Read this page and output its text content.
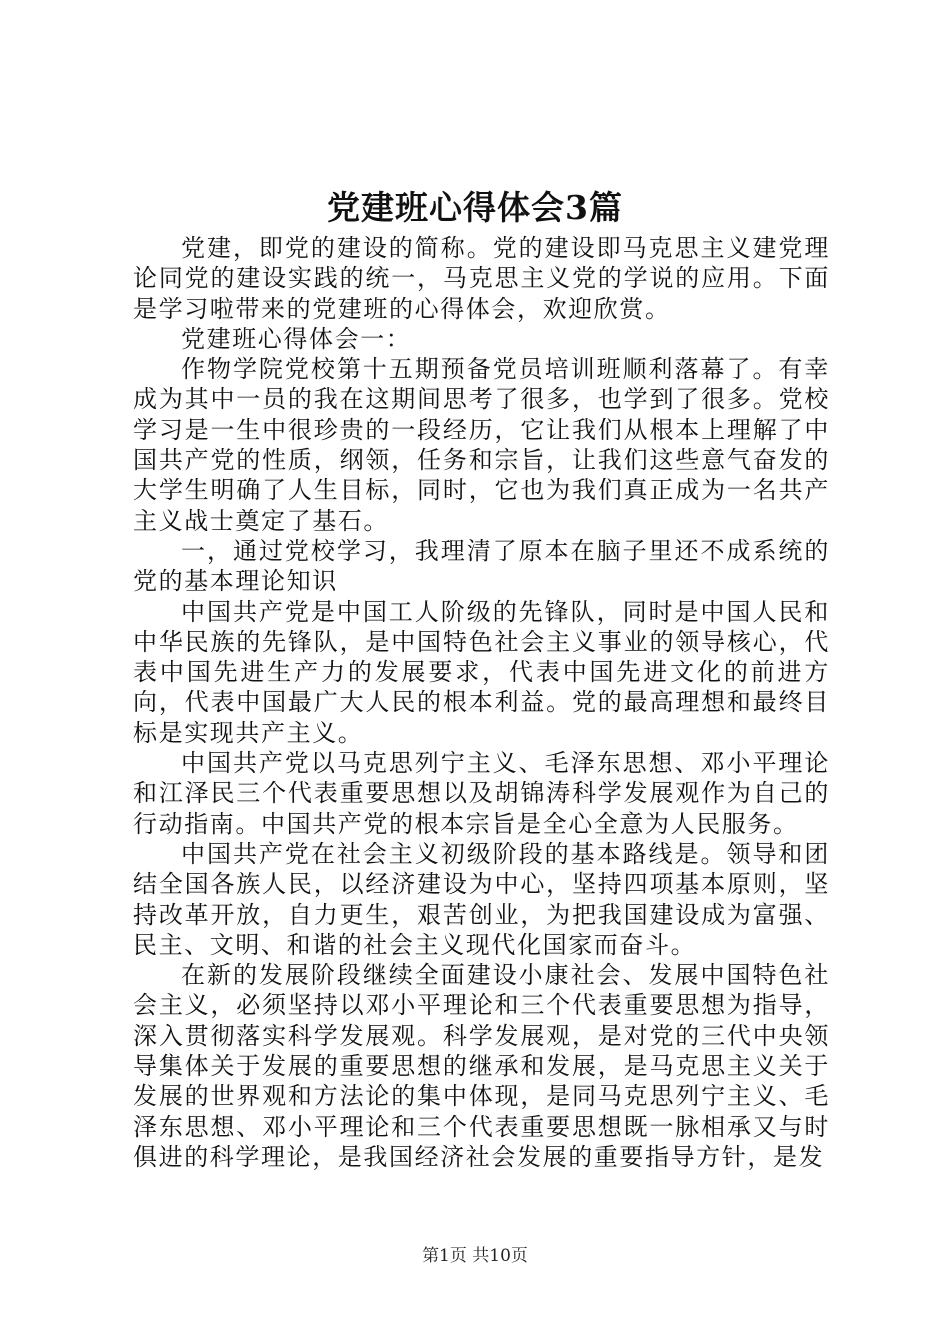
党建班心得体会3篇

党建，即党的建设的简称。党的建设即马克思主义建党理论同党的建设实践的统一，马克思主义党的学说的应用。下面是学习啦带来的党建班的心得体会，欢迎欣赏。

党建班心得体会一：

作物学院党校第十五期预备党员培训班顺利落幕了。有幸成为其中一员的我在这期间思考了很多，也学到了很多。党校学习是一生中很珍贵的一段经历，它让我们从根本上理解了中国共产党的性质，纲领，任务和宗旨，让我们这些意气奋发的大学生明确了人生目标，同时，它也为我们真正成为一名共产主义战士奠定了基石。

一，通过党校学习，我理清了原本在脑子里还不成系统的党的基本理论知识

中国共产党是中国工人阶级的先锋队，同时是中国人民和中华民族的先锋队，是中国特色社会主义事业的领导核心，代表中国先进生产力的发展要求，代表中国先进文化的前进方向，代表中国最广大人民的根本利益。党的最高理想和最终目标是实现共产主义。

中国共产党以马克思列宁主义、毛泽东思想、邓小平理论和江泽民三个代表重要思想以及胡锦涛科学发展观作为自己的行动指南。中国共产党的根本宗旨是全心全意为人民服务。

中国共产党在社会主义初级阶段的基本路线是。领导和团结全国各族人民，以经济建设为中心，坚持四项基本原则，坚持改革开放，自力更生，艰苦创业，为把我国建设成为富强、民主、文明、和谐的社会主义现代化国家而奋斗。

在新的发展阶段继续全面建设小康社会、发展中国特色社会主义，必须坚持以邓小平理论和三个代表重要思想为指导，深入贯彻落实科学发展观。科学发展观，是对党的三代中央领导集体关于发展的重要思想的继承和发展，是马克思主义关于发展的世界观和方法论的集中体现，是同马克思列宁主义、毛泽东思想、邓小平理论和三个代表重要思想既一脉相承又与时俱进的科学理论，是我国经济社会发展的重要指导方针，是发

第1页 共10页
